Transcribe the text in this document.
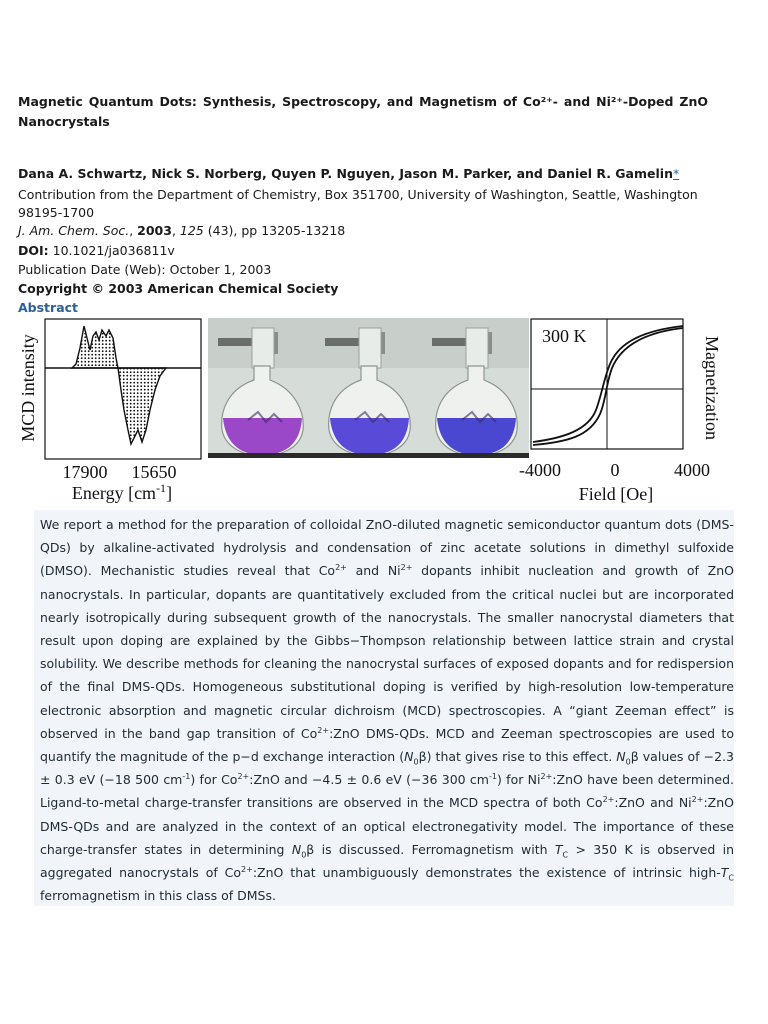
Magnetic Quantum Dots: Synthesis, Spectroscopy, and Magnetism of Co²⁺- and Ni²⁺-Doped ZnO Nanocrystals
Dana A. Schwartz, Nick S. Norberg, Quyen P. Nguyen, Jason M. Parker, and Daniel R. Gamelin*
Contribution from the Department of Chemistry, Box 351700, University of Washington, Seattle, Washington 98195-1700
J. Am. Chem. Soc., 2003, 125 (43), pp 13205-13218
DOI: 10.1021/ja036811v
Publication Date (Web): October 1, 2003
Copyright © 2003 American Chemical Society
Abstract
MCD intensity
17900 15650
Energy $[cm^{-1}]$
300 K
Magnetization
-4000	0	4000
Field [Oe]
We report a method for the preparation of colloidal ZnO-diluted magnetic semiconductor quantum dots (DMS-QDs) by alkaline-activated hydrolysis and condensation of zinc acetate solutions in dimethyl sulfoxide (DMSO). Mechanistic studies reveal that $Co^{2+}$ and $Ni^{2+}$ dopants inhibit nucleation and growth of ZnO nanocrystals. In particular, dopants are quantitatively excluded from the critical nuclei but are incorporated nearly isotropically during subsequent growth of the nanocrystals. The smaller nanocrystal diameters that result upon doping are explained by the Gibbs−Thompson relationship between lattice strain and crystal solubility. We describe methods for cleaning the nanocrystal surfaces of exposed dopants and for redispersion of the final DMS-QDs. Homogeneous substitutional doping is verified by high-resolution low-temperature electronic absorption and magnetic circular dichroism (MCD) spectroscopies. A “giant Zeeman effect” is observed in the band gap transition of $Co^{2+}:ZnO$ DMS-QDs. MCD and Zeeman spectroscopies are used to quantify the magnitude of the p−d exchange interaction $(N_0\beta)$ that gives rise to this effect. $N_0\beta$ values of −2.3 ± 0.3 eV (−18 500 $cm^{-1}$) for $Co^{2+}:ZnO$ and −4.5 ± 0.6 eV (−36 300 $cm^{-1}$) for $Ni^{2+}:ZnO$ have been determined. Ligand-to-metal charge-transfer transitions are observed in the MCD spectra of both $Co^{2+}:ZnO$ and $Ni^{2+}:ZnO$ DMS-QDs and are analyzed in the context of an optical electronegativity model. The importance of these charge-transfer states in determining $N_0\beta$ is discussed. Ferromagnetism with $T_C > 350$ K is observed in aggregated nanocrystals of $Co^{2+}:ZnO$ that unambiguously demonstrates the existence of intrinsic high-$T_C$ ferromagnetism in this class of DMSs.
